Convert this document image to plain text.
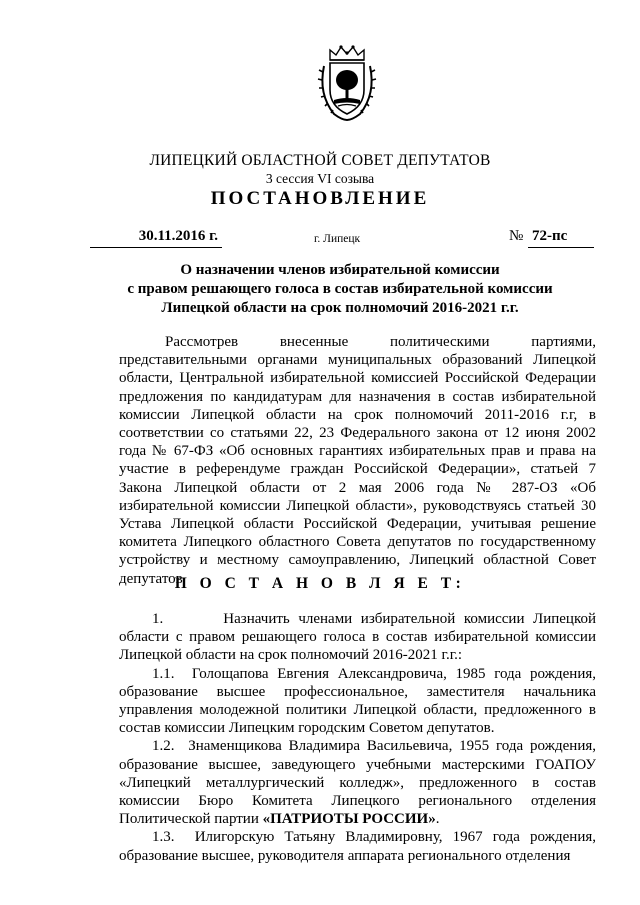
ЛИПЕЦКИЙ ОБЛАСТНОЙ СОВЕТ ДЕПУТАТОВ
3 сессия VI созыва
ПОСТАНОВЛЕНИЕ
30.11.2016 г.	г. Липецк	№ 72-пс
О назначении членов избирательной комиссии
с правом решающего голоса в состав избирательной комиссии
Липецкой области на срок полномочий 2016-2021 г.г.

Рассмотрев внесенные политическими партиями, представительными органами муниципальных образований Липецкой области, Центральной избирательной комиссией Российской Федерации предложения по кандидатурам для назначения в состав избирательной комиссии Липецкой области на срок полномочий 2011-2016 г.г, в соответствии со статьями 22, 23 Федерального закона от 12 июня 2002 года № 67-ФЗ «Об основных гарантиях избирательных прав и права на участие в референдуме граждан Российской Федерации», статьей 7 Закона Липецкой области от 2 мая 2006 года № 287-ОЗ «Об избирательной комиссии Липецкой области», руководствуясь статьей 30 Устава Липецкой области Российской Федерации, учитывая решение комитета Липецкого областного Совета депутатов по государственному устройству и местному самоуправлению, Липецкий областной Совет депутатов

П О С Т А Н О В Л Я Е Т:

1.	Назначить членами избирательной комиссии Липецкой области с правом решающего голоса в состав избирательной комиссии Липецкой области на срок полномочий 2016-2021 г.г.:

1.1. Голощапова Евгения Александровича, 1985 года рождения, образование высшее профессиональное, заместителя начальника управления молодежной политики Липецкой области, предложенного в состав комиссии Липецким городским Советом депутатов.

1.2. Знаменщикова Владимира Васильевича, 1955 года рождения, образование высшее, заведующего учебными мастерскими ГОАПОУ «Липецкий металлургический колледж», предложенного в состав комиссии Бюро Комитета Липецкого регионального отделения Политической партии «ПАТРИОТЫ РОССИИ».

1.3. Илигорскую Татьяну Владимировну, 1967 года рождения, образование высшее, руководителя аппарата регионального отделения
